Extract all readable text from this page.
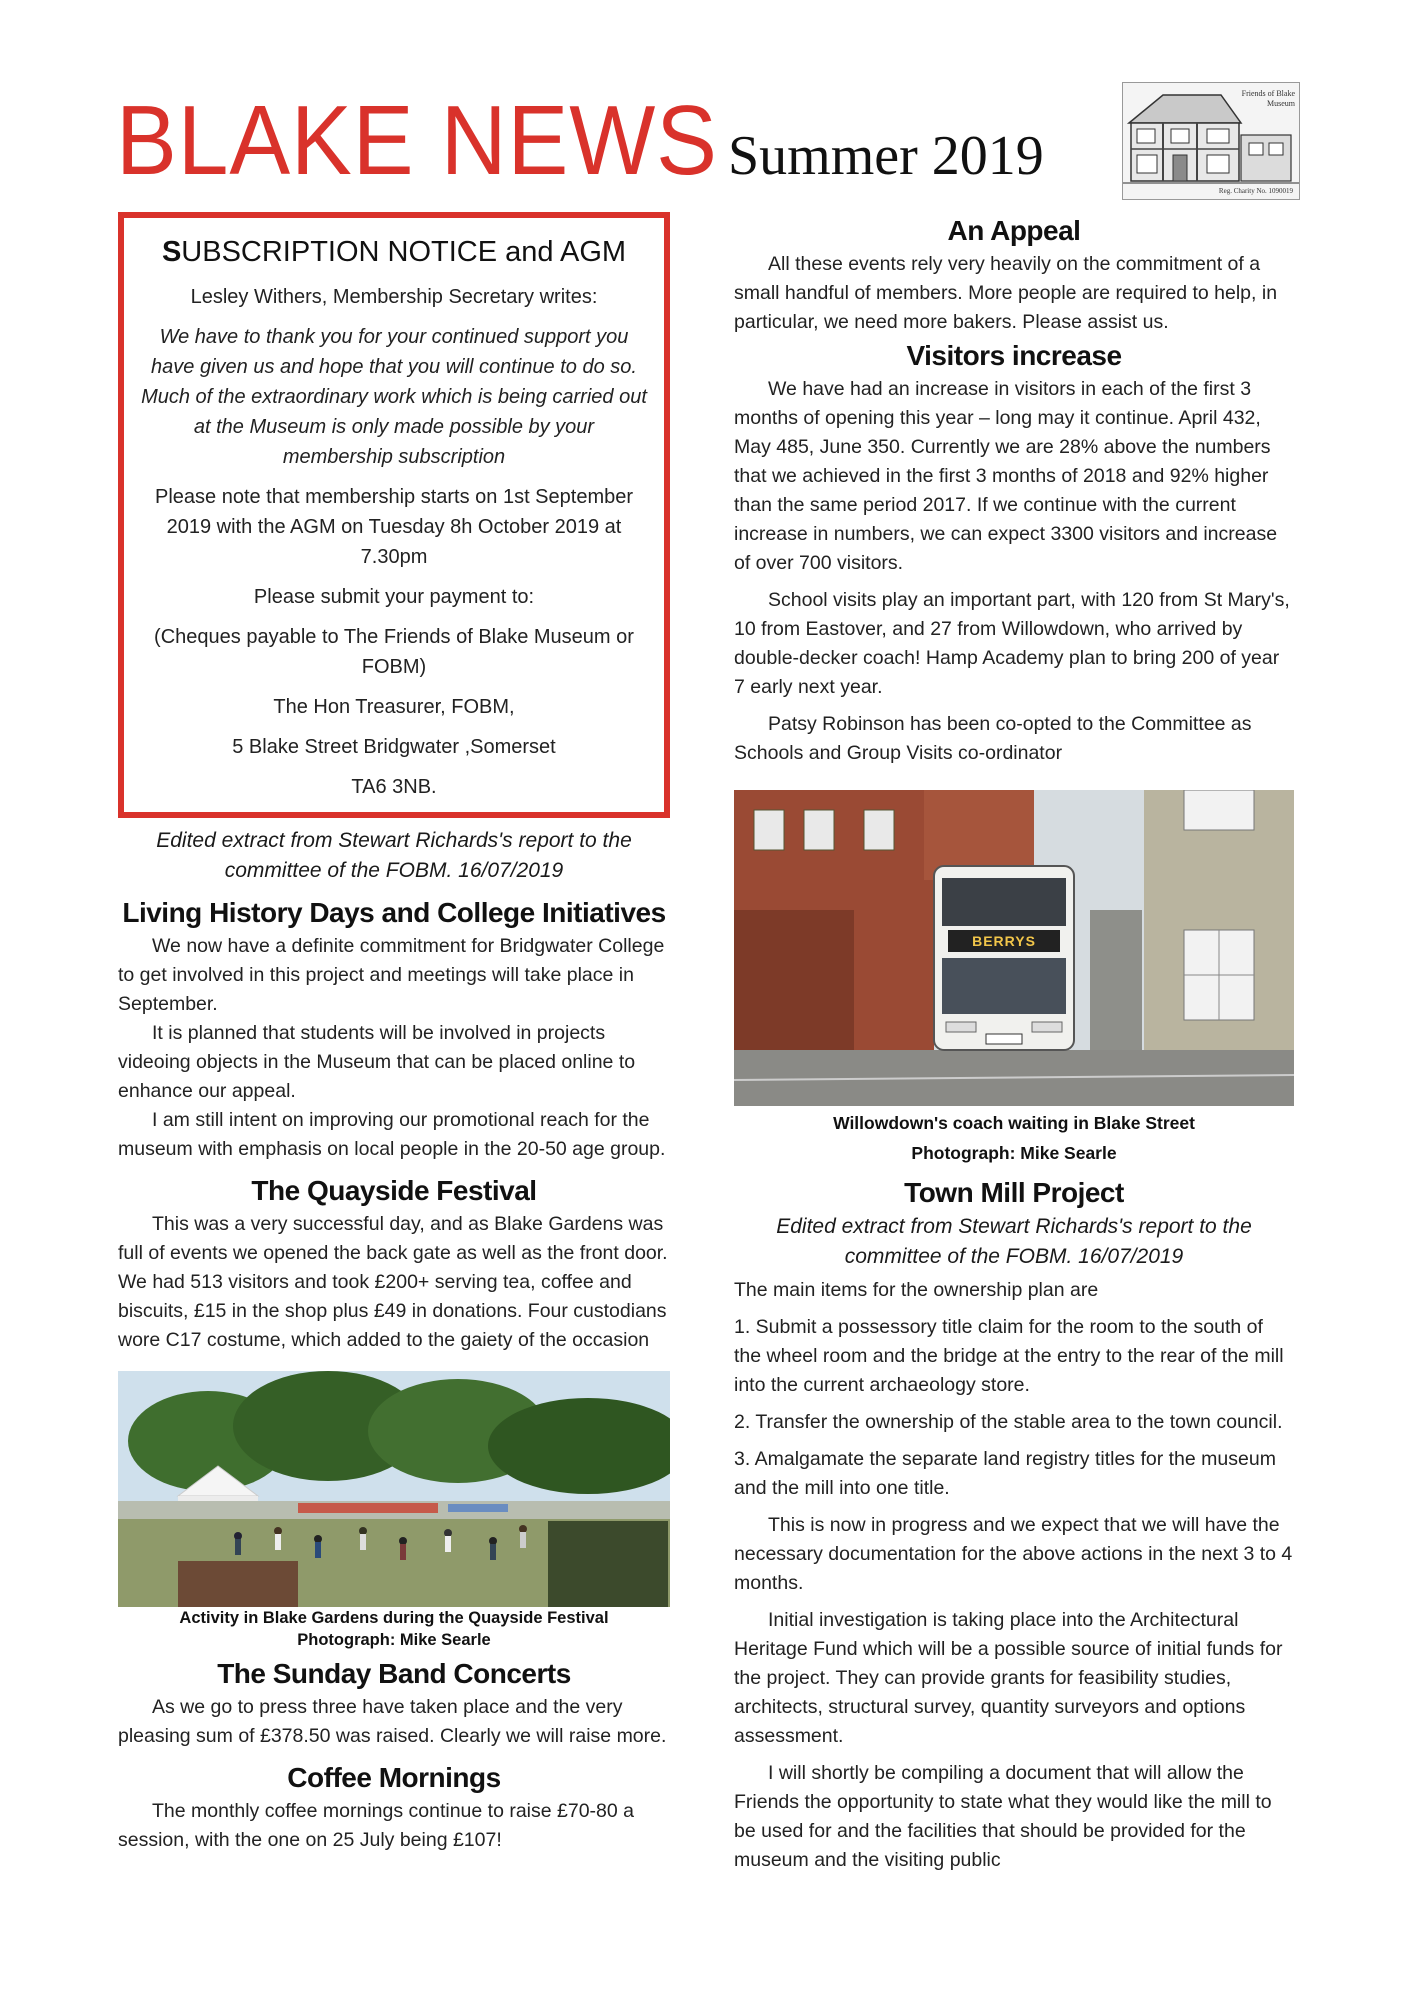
BLAKE NEWS Summer 2019
Friends of Blake Museum
Reg. Charity No. 1090019
SUBSCRIPTION NOTICE and AGM

Lesley Withers, Membership Secretary writes:

We have to thank you for your continued support you have given us and hope that you will continue to do so. Much of the extraordinary work which is being carried out at the Museum is only made possible by your membership subscription

Please note that membership starts on 1st September 2019 with the AGM on Tuesday 8h October 2019 at 7.30pm

Please submit your payment to:

(Cheques payable to The Friends of Blake Museum or FOBM)

The Hon Treasurer, FOBM,

5 Blake Street Bridgwater ,Somerset

TA6 3NB.

Edited extract from Stewart Richards's report to the committee of the FOBM. 16/07/2019
Living History Days and College Initiatives

We now have a definite commitment for Bridgwater College to get involved in this project and meetings will take place in September.

It is planned that students will be involved in projects videoing objects in the Museum that can be placed online to enhance our appeal.

I am still intent on improving our promotional reach for the museum with emphasis on local people in the 20-50 age group.

The Quayside Festival

This was a very successful day, and as Blake Gardens was full of events we opened the back gate as well as the front door. We had 513 visitors and took £200+ serving tea, coffee and biscuits, £15 in the shop plus £49 in donations. Four custodians wore C17 costume, which added to the gaiety of the occasion

Activity in Blake Gardens during the Quayside Festival
Photograph: Mike Searle
The Sunday Band Concerts

As we go to press three have taken place and the very pleasing sum of £378.50 was raised. Clearly we will raise more.

Coffee Mornings

The monthly coffee mornings continue to raise £70-80 a session, with the one on 25 July being £107!

An Appeal

All these events rely very heavily on the commitment of a small handful of members. More people are required to help, in particular, we need more bakers. Please assist us.

Visitors increase

We have had an increase in visitors in each of the first 3 months of opening this year – long may it continue. April 432, May 485, June 350. Currently we are 28% above the numbers that we achieved in the first 3 months of 2018 and 92% higher than the same period 2017. If we continue with the current increase in numbers, we can expect 3300 visitors and increase of over 700 visitors.

School visits play an important part, with 120 from St Mary's, 10 from Eastover, and 27 from Willowdown, who arrived by double-decker coach! Hamp Academy plan to bring 200 of year 7 early next year.

Patsy Robinson has been co-opted to the Committee as Schools and Group Visits co-ordinator

BERRYS
Willowdown's coach waiting in Blake Street
Photograph: Mike Searle
Town Mill Project
Edited extract from Stewart Richards's report to the committee of the FOBM. 16/07/2019

The main items for the ownership plan are

1. Submit a possessory title claim for the room to the south of the wheel room and the bridge at the entry to the rear of the mill into the current archaeology store.

2. Transfer the ownership of the stable area to the town council.

3. Amalgamate the separate land registry titles for the museum and the mill into one title.

This is now in progress and we expect that we will have the necessary documentation for the above actions in the next 3 to 4 months.

Initial investigation is taking place into the Architectural Heritage Fund which will be a possible source of initial funds for the project. They can provide grants for feasibility studies, architects, structural survey, quantity surveyors and options assessment.

I will shortly be compiling a document that will allow the Friends the opportunity to state what they would like the mill to be used for and the facilities that should be provided for the museum and the visiting public
